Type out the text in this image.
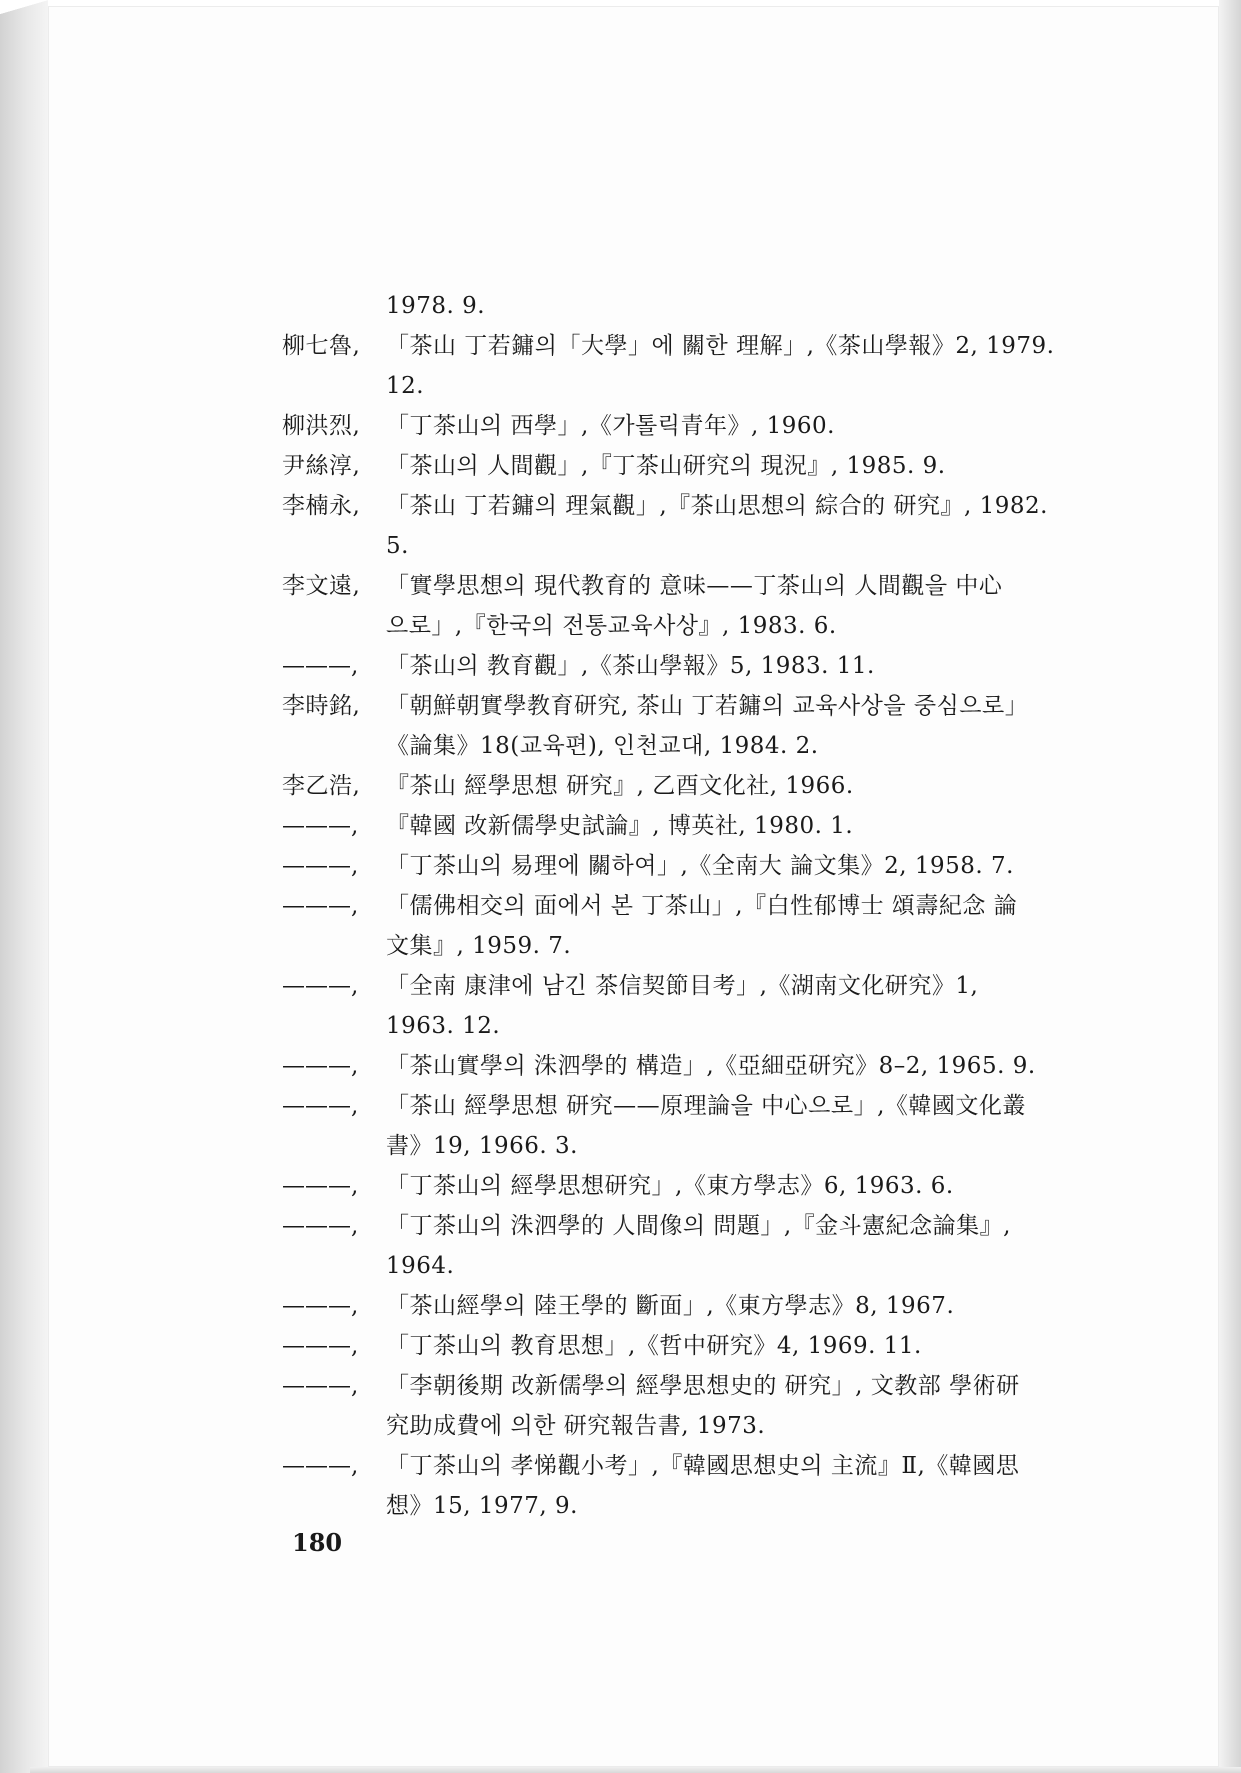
1978. 9.
柳七魯,	「茶山 丁若鏞의「大學」에 關한 理解」,《茶山學報》2, 1979.
12.
柳洪烈,	「丁茶山의 西學」,《가톨릭青年》, 1960.
尹絲淳,	「茶山의 人間觀」,『丁茶山研究의 現況』, 1985. 9.
李楠永,	「茶山 丁若鏞의 理氣觀」,『茶山思想의 綜合的 研究』, 1982.
5.
李文遠,	「實學思想의 現代教育的 意味——丁茶山의 人間觀을 中心
으로」,『한국의 전통교육사상』, 1983. 6.
———,	「茶山의 教育觀」,《茶山學報》5, 1983. 11.
李時銘,	「朝鮮朝實學教育研究, 茶山 丁若鏞의 교육사상을 중심으로」
《論集》18(교육편), 인천교대, 1984. 2.
李乙浩,	『茶山 經學思想 研究』, 乙酉文化社, 1966.
———,	『韓國 改新儒學史試論』, 博英社, 1980. 1.
———,	「丁茶山의 易理에 關하여」,《全南大 論文集》2, 1958. 7.
———,	「儒佛相交의 面에서 본 丁茶山」,『白性郁博士 頌壽紀念 論
文集』, 1959. 7.
———,	「全南 康津에 남긴 茶信契節目考」,《湖南文化研究》1,
1963. 12.
———,	「茶山實學의 洙泗學的 構造」,《亞細亞研究》8–2, 1965. 9.
———,	「茶山 經學思想 研究——原理論을 中心으로」,《韓國文化叢
書》19, 1966. 3.
———,	「丁茶山의 經學思想研究」,《東方學志》6, 1963. 6.
———,	「丁茶山의 洙泗學的 人間像의 問題」,『金斗憲紀念論集』,
1964.
———,	「茶山經學의 陸王學的 斷面」,《東方學志》8, 1967.
———,	「丁茶山의 教育思想」,《哲中研究》4, 1969. 11.
———,	「李朝後期 改新儒學의 經學思想史的 研究」, 文教部 學術研
究助成費에 의한 研究報告書, 1973.
———,	「丁茶山의 孝悌觀小考」,『韓國思想史의 主流』Ⅱ,《韓國思
想》15, 1977, 9.
180
